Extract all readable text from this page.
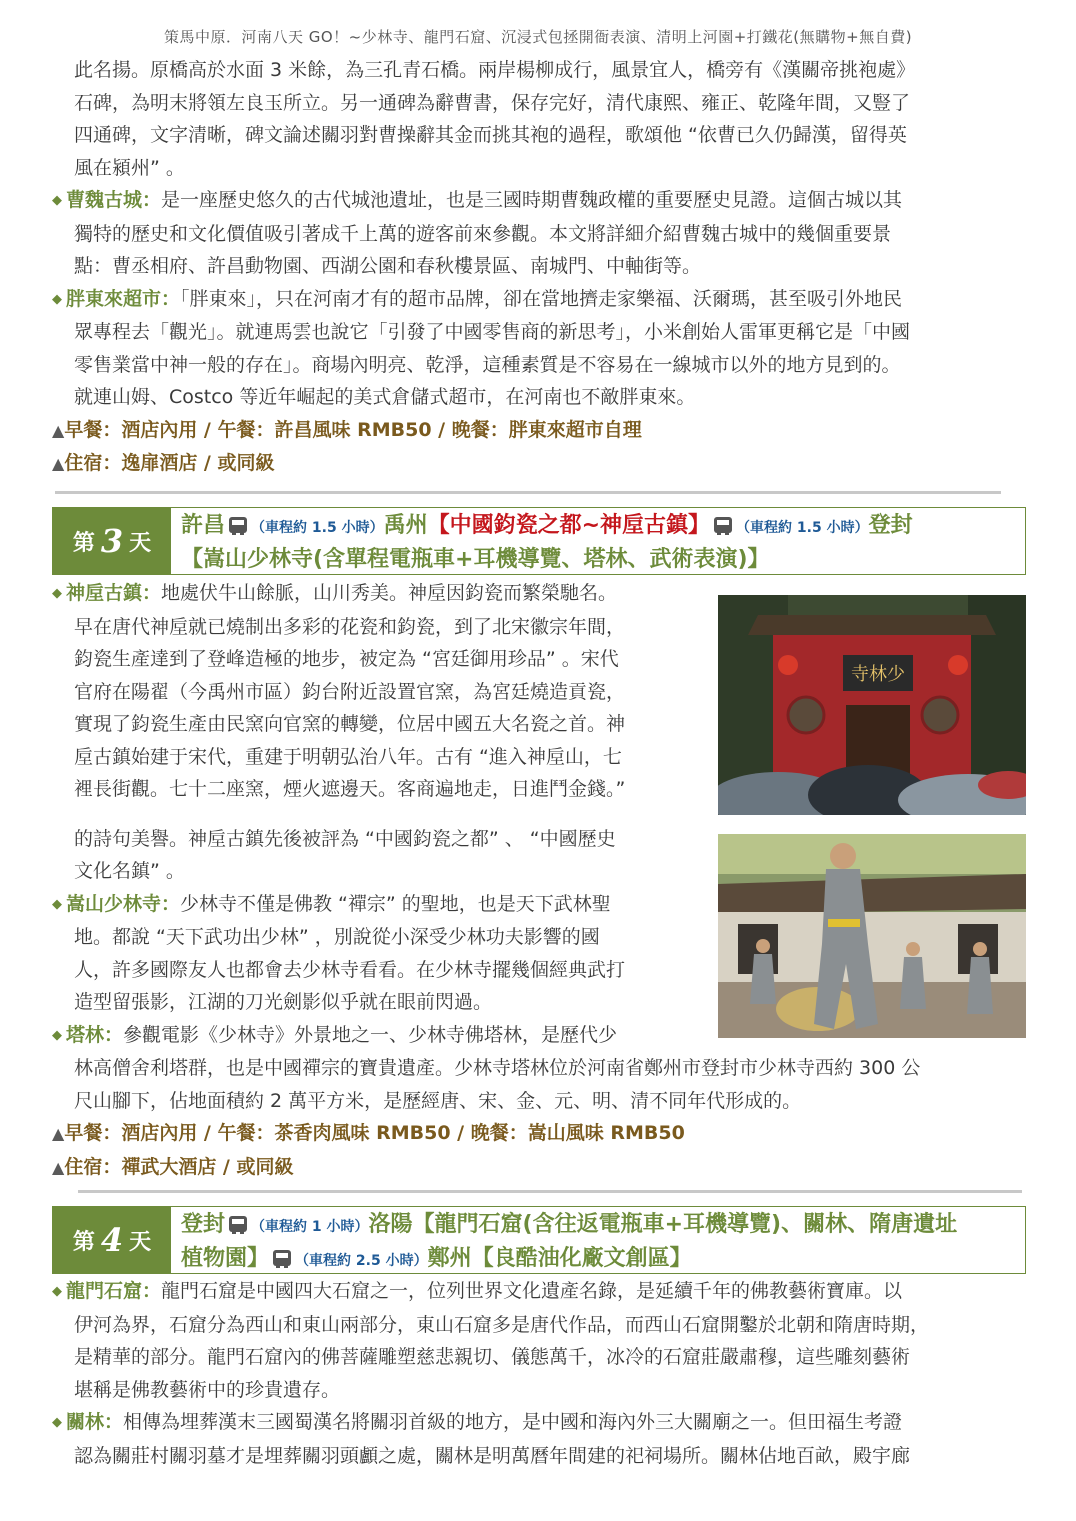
策馬中原．河南八天 GO！~少林寺、龍門石窟、沉浸式包拯開衙表演、清明上河園+打鐵花(無購物+無自費)
此名揚。原橋高於水面 3 米餘，為三孔青石橋。兩岸楊柳成行，風景宜人，橋旁有《漢關帝挑袍處》
石碑，為明末將領左良玉所立。另一通碑為辭曹書，保存完好，清代康熙、雍正、乾隆年間，又豎了
四通碑，文字清晰，碑文論述關羽對曹操辭其金而挑其袍的過程，歌頌他 “依曹已久仍歸漢，留得英
風在潁州” 。
◆ 曹魏古城：是一座歷史悠久的古代城池遺址，也是三國時期曹魏政權的重要歷史見證。這個古城以其
獨特的歷史和文化價值吸引著成千上萬的遊客前來參觀。本文將詳細介紹曹魏古城中的幾個重要景
點：曹丞相府、許昌動物園、西湖公園和春秋樓景區、南城門、中軸街等。
◆ 胖東來超市：「胖東來」，只在河南才有的超市品牌，卻在當地擠走家樂福、沃爾瑪，甚至吸引外地民
眾專程去「觀光」。就連馬雲也說它「引發了中國零售商的新思考」，小米創始人雷軍更稱它是「中國
零售業當中神一般的存在」。商場內明亮、乾淨，這種素質是不容易在一線城市以外的地方見到的。
就連山姆、Costco 等近年崛起的美式倉儲式超市，在河南也不敵胖東來。
▲早餐：酒店內用 / 午餐：許昌風味 RMB50 / 晚餐：胖東來超市自理
▲住宿：逸扉酒店 / 或同級
第 3 天
許昌 （車程約 1.5 小時）禹州【中國鈞瓷之都~神垕古鎮】 （車程約 1.5 小時）登封
【嵩山少林寺(含單程電瓶車+耳機導覽、塔林、武術表演)】
寺林少
◆ 神垕古鎮：地處伏牛山餘脈，山川秀美。神垕因鈞瓷而繁榮馳名。
早在唐代神垕就已燒制出多彩的花瓷和鈞瓷，到了北宋徽宗年間，
鈞瓷生產達到了登峰造極的地步，被定為 “宮廷御用珍品” 。宋代
官府在陽翟（今禹州市區）鈞台附近設置官窯，為宮廷燒造貢瓷，
實現了鈞瓷生產由民窯向官窯的轉變，位居中國五大名瓷之首。神
垕古鎮始建于宋代，重建于明朝弘治八年。古有 “進入神垕山，七
裡長街觀。七十二座窯，煙火遮邊天。客商遍地走，日進鬥金錢。”
的詩句美譽。神垕古鎮先後被評為 “中國鈞瓷之都” 、 “中國歷史
文化名鎮” 。
◆ 嵩山少林寺：少林寺不僅是佛教 “禪宗” 的聖地，也是天下武林聖
地。都說 “天下武功出少林” ，別說從小深受少林功夫影響的國
人，許多國際友人也都會去少林寺看看。在少林寺擺幾個經典武打
造型留張影，江湖的刀光劍影似乎就在眼前閃過。
◆ 塔林：參觀電影《少林寺》外景地之一、少林寺佛塔林，是歷代少
林高僧舍利塔群，也是中國禪宗的寶貴遺產。少林寺塔林位於河南省鄭州市登封市少林寺西約 300 公
尺山腳下，佔地面積約 2 萬平方米，是歷經唐、宋、金、元、明、清不同年代形成的。
▲早餐：酒店內用 / 午餐：茶香肉風味 RMB50 / 晚餐：嵩山風味 RMB50
▲住宿：禪武大酒店 / 或同級
第 4 天
登封 （車程約 1 小時）洛陽【龍門石窟(含往返電瓶車+耳機導覽)、關林、隋唐遺址
植物園】 （車程約 2.5 小時）鄭州【良酷油化廠文創區】
◆ 龍門石窟：龍門石窟是中國四大石窟之一，位列世界文化遺產名錄，是延續千年的佛教藝術寶庫。以
伊河為界，石窟分為西山和東山兩部分，東山石窟多是唐代作品，而西山石窟開鑿於北朝和隋唐時期，
是精華的部分。龍門石窟內的佛菩薩雕塑慈悲親切、儀態萬千，冰冷的石窟莊嚴肅穆，這些雕刻藝術
堪稱是佛教藝術中的珍貴遺存。
◆ 關林：相傳為埋葬漢末三國蜀漢名將關羽首級的地方，是中國和海內外三大關廟之一。但田福生考證
認為關莊村關羽墓才是埋葬關羽頭顱之處，關林是明萬曆年間建的祀祠場所。關林佔地百畝，殿宇廊
